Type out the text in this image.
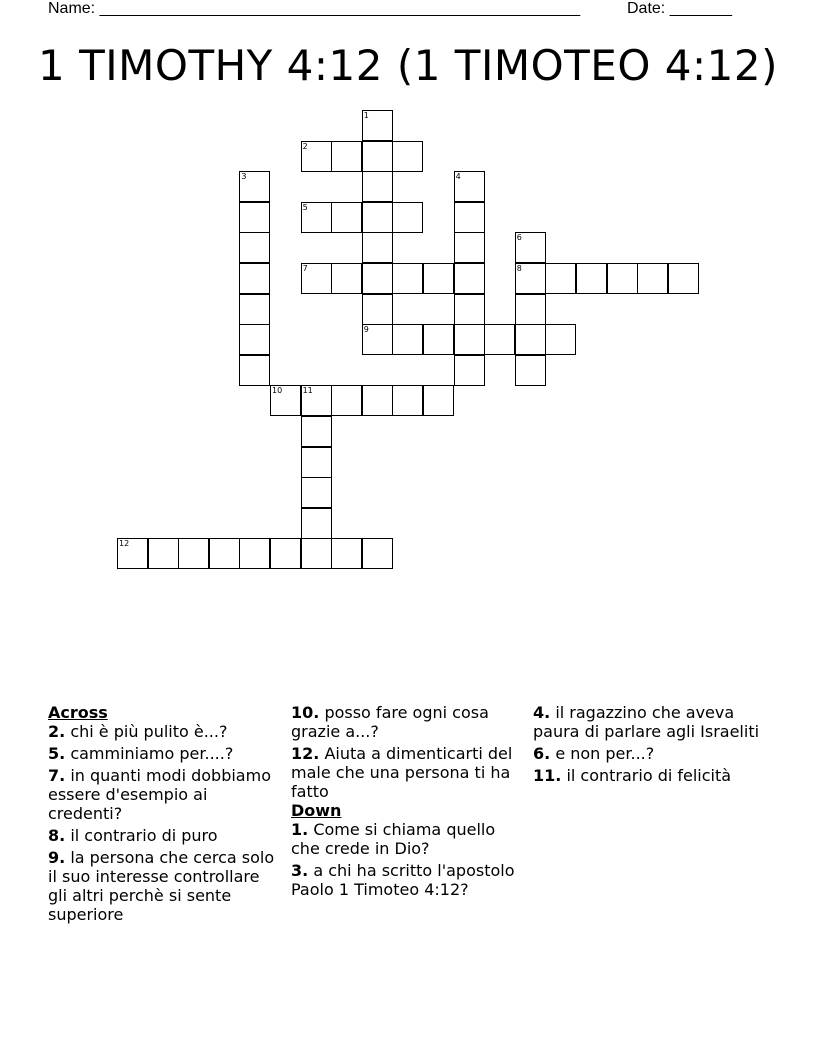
Name: ______________________________________________________	Date: _______
1 TIMOTHY 4:12 (1 TIMOTEO 4:12)
1
9
2
3	4
5
6
8
7
10	11
12
Across
2. chi è più pulito è...?
5. camminiamo per....?
7. in quanti modi dobbiamo essere d'esempio ai credenti?
8. il contrario di puro
9. la persona che cerca solo il suo interesse controllare gli altri perchè si sente superiore
10. posso fare ogni cosa grazie a...?
12. Aiuta a dimenticarti del male che una persona ti ha fatto
Down
1. Come si chiama quello che crede in Dio?
3. a chi ha scritto l'apostolo Paolo 1 Timoteo 4:12?
4. il ragazzino che aveva paura di parlare agli Israeliti
6. e non per...?
11. il contrario di felicità
